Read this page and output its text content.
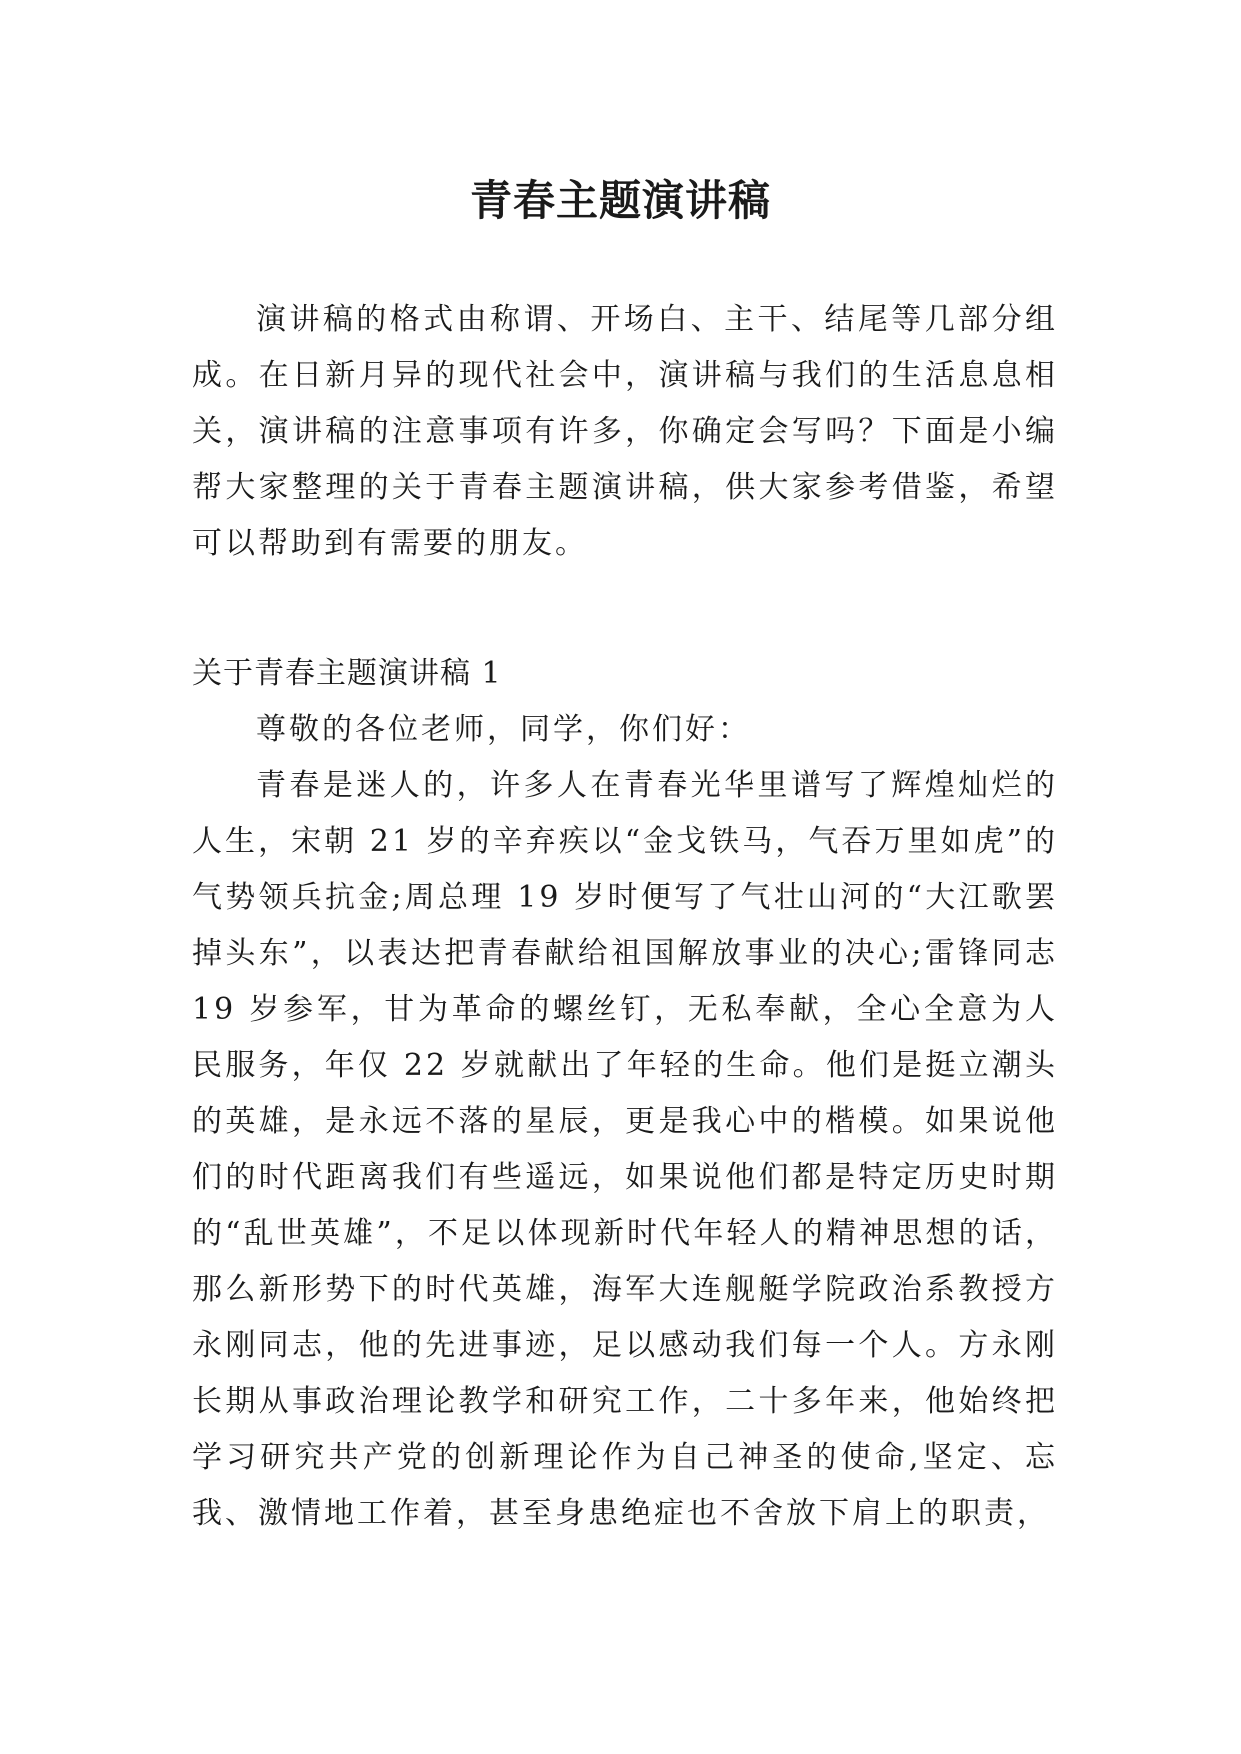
青春主题演讲稿

演讲稿的格式由称谓、开场白、主干、结尾等几部分组成。在日新月异的现代社会中，演讲稿与我们的生活息息相关，演讲稿的注意事项有许多，你确定会写吗？下面是小编帮大家整理的关于青春主题演讲稿，供大家参考借鉴，希望可以帮助到有需要的朋友。

关于青春主题演讲稿 1

尊敬的各位老师，同学，你们好：

青春是迷人的，许多人在青春光华里谱写了辉煌灿烂的人生，宋朝 21 岁的辛弃疾以“金戈铁马，气吞万里如虎”的气势领兵抗金;周总理 19 岁时便写了气壮山河的“大江歌罢掉头东”，以表达把青春献给祖国解放事业的决心;雷锋同志 19 岁参军，甘为革命的螺丝钉，无私奉献，全心全意为人民服务，年仅 22 岁就献出了年轻的生命。他们是挺立潮头的英雄，是永远不落的星辰，更是我心中的楷模。如果说他们的时代距离我们有些遥远，如果说他们都是特定历史时期的“乱世英雄”，不足以体现新时代年轻人的精神思想的话，那么新形势下的时代英雄，海军大连舰艇学院政治系教授方永刚同志，他的先进事迹，足以感动我们每一个人。方永刚长期从事政治理论教学和研究工作，二十多年来，他始终把学习研究共产党的创新理论作为自己神圣的使命,坚定、忘我、激情地工作着，甚至身患绝症也不舍放下肩上的职责，
